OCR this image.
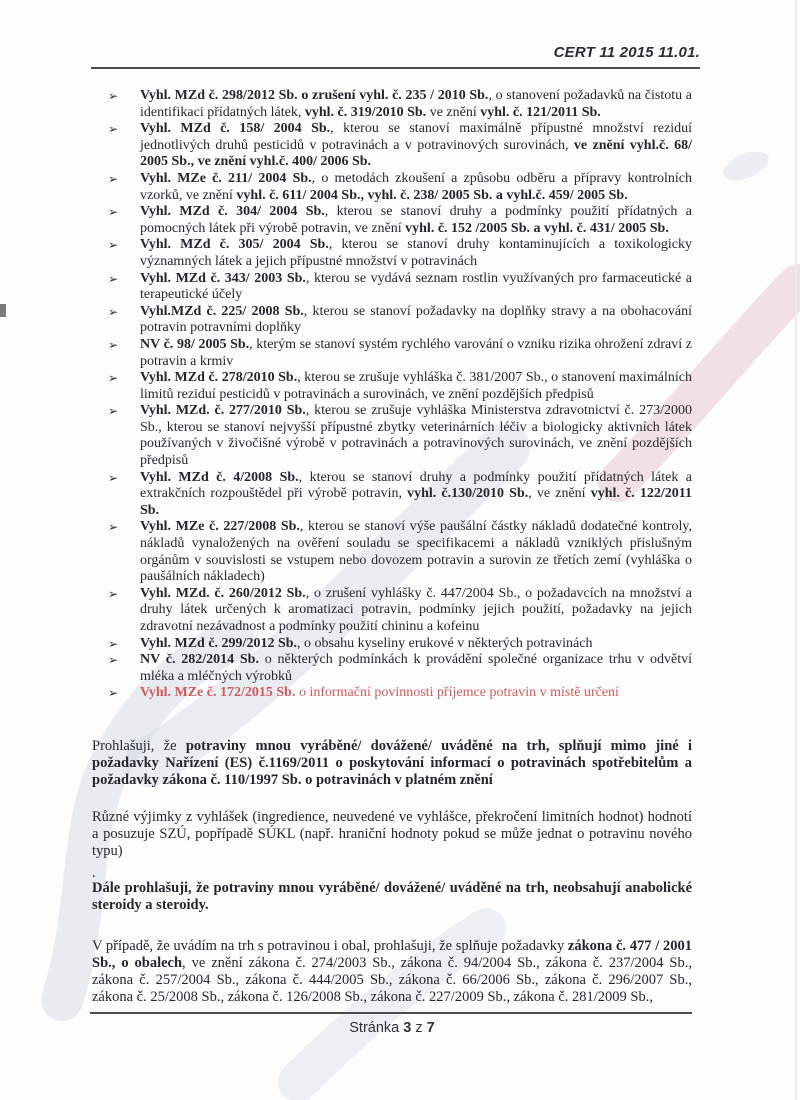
CERT 11 2015 11.01.
➢ Vyhl. MZd č. 298/2012 Sb. o zrušení vyhl. č. 235 / 2010 Sb., o stanovení požadavků na čistotu a identifikaci přídatných látek, vyhl. č. 319/2010 Sb. ve znění vyhl. č. 121/2011 Sb.
➢ Vyhl. MZd č. 158/ 2004 Sb., kterou se stanoví maximálně přípustné množství reziduí jednotlivých druhů pesticidů v potravinách a v potravinových surovinách, ve znění vyhl.č. 68/ 2005 Sb., ve znění vyhl.č. 400/ 2006 Sb.
➢ Vyhl. MZe č. 211/ 2004 Sb., o metodách zkoušení a způsobu odběru a přípravy kontrolních vzorků, ve znění vyhl. č. 611/ 2004 Sb., vyhl. č. 238/ 2005 Sb. a vyhl.č. 459/ 2005 Sb.
➢ Vyhl. MZd č. 304/ 2004 Sb., kterou se stanoví druhy a podmínky použití přídatných a pomocných látek při výrobě potravin, ve znění vyhl. č. 152 /2005 Sb. a vyhl. č. 431/ 2005 Sb.
➢ Vyhl. MZd č. 305/ 2004 Sb., kterou se stanoví druhy kontaminujících a toxikologicky významných látek a jejich přípustné množství v potravinách
➢ Vyhl. MZd č. 343/ 2003 Sb., kterou se vydává seznam rostlin využívaných pro farmaceutické a terapeutické účely
➢ Vyhl.MZd č. 225/ 2008 Sb., kterou se stanoví požadavky na doplňky stravy a na obohacování potravin potravními doplňky
➢ NV č. 98/ 2005 Sb., kterým se stanoví systém rychlého varování o vzniku rizika ohrožení zdraví z potravin a krmiv
➢ Vyhl. MZd č. 278/2010 Sb., kterou se zrušuje vyhláška č. 381/2007 Sb., o stanovení maximálních limitů reziduí pesticidů v potravinách a surovinách, ve znění pozdějších předpisů
➢ Vyhl. MZd. č. 277/2010 Sb., kterou se zrušuje vyhláška Ministerstva zdravotnictví č. 273/2000 Sb., kterou se stanoví nejvyšší přípustné zbytky veterinárních léčiv a biologicky aktivních látek používaných v živočišné výrobě v potravinách a potravinových surovinách, ve znění pozdějších předpisů
➢ Vyhl. MZd č. 4/2008 Sb., kterou se stanoví druhy a podmínky použití přídatných látek a extrakčních rozpouštědel při výrobě potravin, vyhl. č.130/2010 Sb., ve znění vyhl. č. 122/2011 Sb.
➢ Vyhl. MZe č. 227/2008 Sb., kterou se stanoví výše paušální částky nákladů dodatečné kontroly, nákladů vynaložených na ověření souladu se specifikacemi a nákladů vzniklých příslušným orgánům v souvislosti se vstupem nebo dovozem potravin a surovin ze třetích zemí (vyhláška o paušálních nákladech)
➢ Vyhl. MZd. č. 260/2012 Sb., o zrušení vyhlášky č. 447/2004 Sb., o požadavcích na množství a druhy látek určených k aromatizaci potravin, podmínky jejich použití, požadavky na jejich zdravotní nezávadnost a podmínky použití chininu a kofeinu
➢ Vyhl. MZd č. 299/2012 Sb., o obsahu kyseliny erukové v některých potravinách
➢ NV č. 282/2014 Sb. o některých podmínkách k provádění společné organizace trhu v odvětví mléka a mléčných výrobků
➢ Vyhl. MZe č. 172/2015 Sb. o informační povinnosti příjemce potravin v místě určení

Prohlašuji, že potraviny mnou vyráběné/ dovážené/ uváděné na trh, splňují mimo jiné i požadavky Nařízení (ES) č.1169/2011 o poskytování informací o potravinách spotřebitelům a požadavky zákona č. 110/1997 Sb. o potravinách v platném znění

Různé výjimky z vyhlášek (ingredience, neuvedené ve vyhlášce, překročení limitních hodnot) hodnotí a posuzuje SZÚ, popřípadě SÚKL (např. hraniční hodnoty pokud se může jednat o potravinu nového typu)

.

Dále prohlašuji, že potraviny mnou vyráběné/ dovážené/ uváděné na trh, neobsahují anabolické steroidy a steroidy.

V případě, že uvádím na trh s potravinou i obal, prohlašuji, že splňuje požadavky zákona č. 477 / 2001 Sb., o obalech, ve znění zákona č. 274/2003 Sb., zákona č. 94/2004 Sb., zákona č. 237/2004 Sb., zákona č. 257/2004 Sb., zákona č. 444/2005 Sb., zákona č. 66/2006 Sb., zákona č. 296/2007 Sb., zákona č. 25/2008 Sb., zákona č. 126/2008 Sb., zákona č. 227/2009 Sb., zákona č. 281/2009 Sb.,

Stránka 3 z 7
